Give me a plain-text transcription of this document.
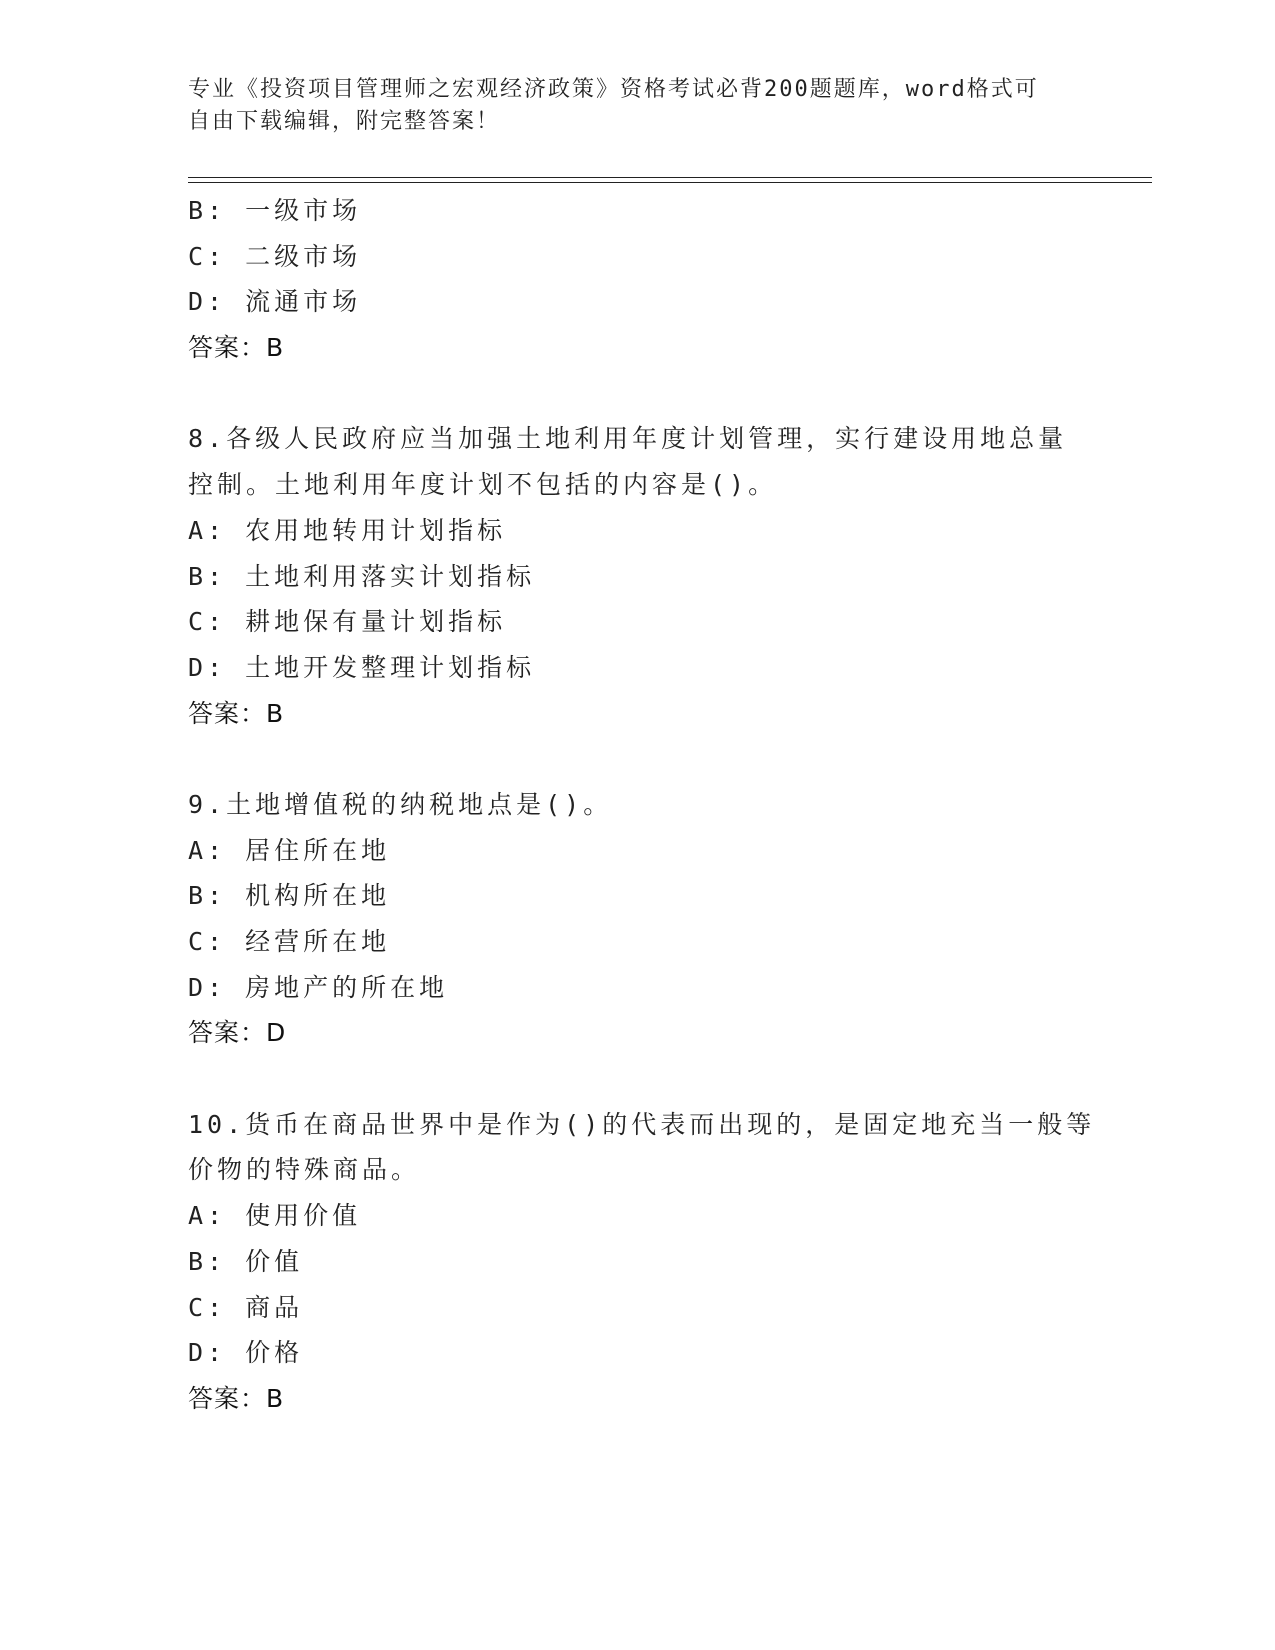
专业《投资项目管理师之宏观经济政策》资格考试必背200题题库，word格式可
自由下载编辑，附完整答案！
B: 一级市场
C: 二级市场
D: 流通市场
答案：B
8.各级人民政府应当加强土地利用年度计划管理，实行建设用地总量
控制。土地利用年度计划不包括的内容是()。
A: 农用地转用计划指标
B: 土地利用落实计划指标
C: 耕地保有量计划指标
D: 土地开发整理计划指标
答案：B
9.土地增值税的纳税地点是()。
A: 居住所在地
B: 机构所在地
C: 经营所在地
D: 房地产的所在地
答案：D
10.货币在商品世界中是作为()的代表而出现的，是固定地充当一般等
价物的特殊商品。
A: 使用价值
B: 价值
C: 商品
D: 价格
答案：B
